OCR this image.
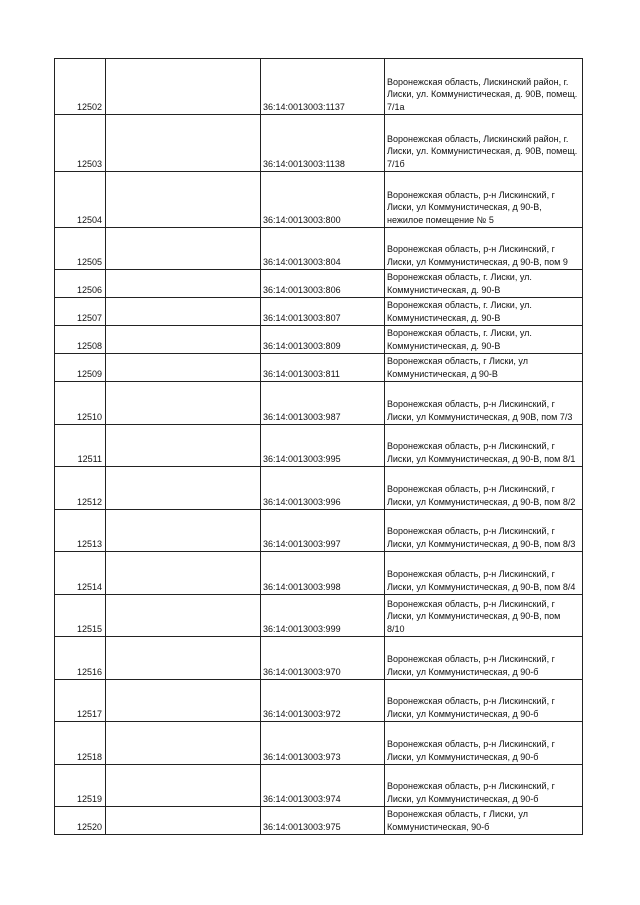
12502		36:14:0013003:1137	Воронежская область, Лискинский район, г. Лиски, ул. Коммунистическая, д. 90В, помещ. 7/1а
12503		36:14:0013003:1138	Воронежская область, Лискинский район, г. Лиски, ул. Коммунистическая, д. 90В, помещ. 7/1б
12504		36:14:0013003:800	Воронежская область, р-н Лискинский, г Лиски, ул Коммунистическая, д 90-В, нежилое помещение № 5
12505		36:14:0013003:804	Воронежская область, р-н Лискинский, г Лиски, ул Коммунистическая, д 90-В, пом 9
12506		36:14:0013003:806	Воронежская область, г. Лиски, ул. Коммунистическая, д. 90-В
12507		36:14:0013003:807	Воронежская область, г. Лиски, ул. Коммунистическая, д. 90-В
12508		36:14:0013003:809	Воронежская область, г. Лиски, ул. Коммунистическая, д. 90-В
12509		36:14:0013003:811	Воронежская область, г Лиски, ул Коммунистическая, д 90-В
12510		36:14:0013003:987	Воронежская область, р-н Лискинский, г Лиски, ул Коммунистическая, д 90В, пом 7/3
12511		36:14:0013003:995	Воронежская область, р-н Лискинский, г Лиски, ул Коммунистическая, д 90-В, пом 8/1
12512		36:14:0013003:996	Воронежская область, р-н Лискинский, г Лиски, ул Коммунистическая, д 90-В, пом 8/2
12513		36:14:0013003:997	Воронежская область, р-н Лискинский, г Лиски, ул Коммунистическая, д 90-В, пом 8/3
12514		36:14:0013003:998	Воронежская область, р-н Лискинский, г Лиски, ул Коммунистическая, д 90-В, пом 8/4
12515		36:14:0013003:999	Воронежская область, р-н Лискинский, г Лиски, ул Коммунистическая, д 90-В, пом 8/10
12516		36:14:0013003:970	Воронежская область, р-н Лискинский, г Лиски, ул Коммунистическая, д 90-б
12517		36:14:0013003:972	Воронежская область, р-н Лискинский, г Лиски, ул Коммунистическая, д 90-б
12518		36:14:0013003:973	Воронежская область, р-н Лискинский, г Лиски, ул Коммунистическая, д 90-б
12519		36:14:0013003:974	Воронежская область, р-н Лискинский, г Лиски, ул Коммунистическая, д 90-б
12520		36:14:0013003:975	Воронежская область, г Лиски, ул Коммунистическая, 90-б
